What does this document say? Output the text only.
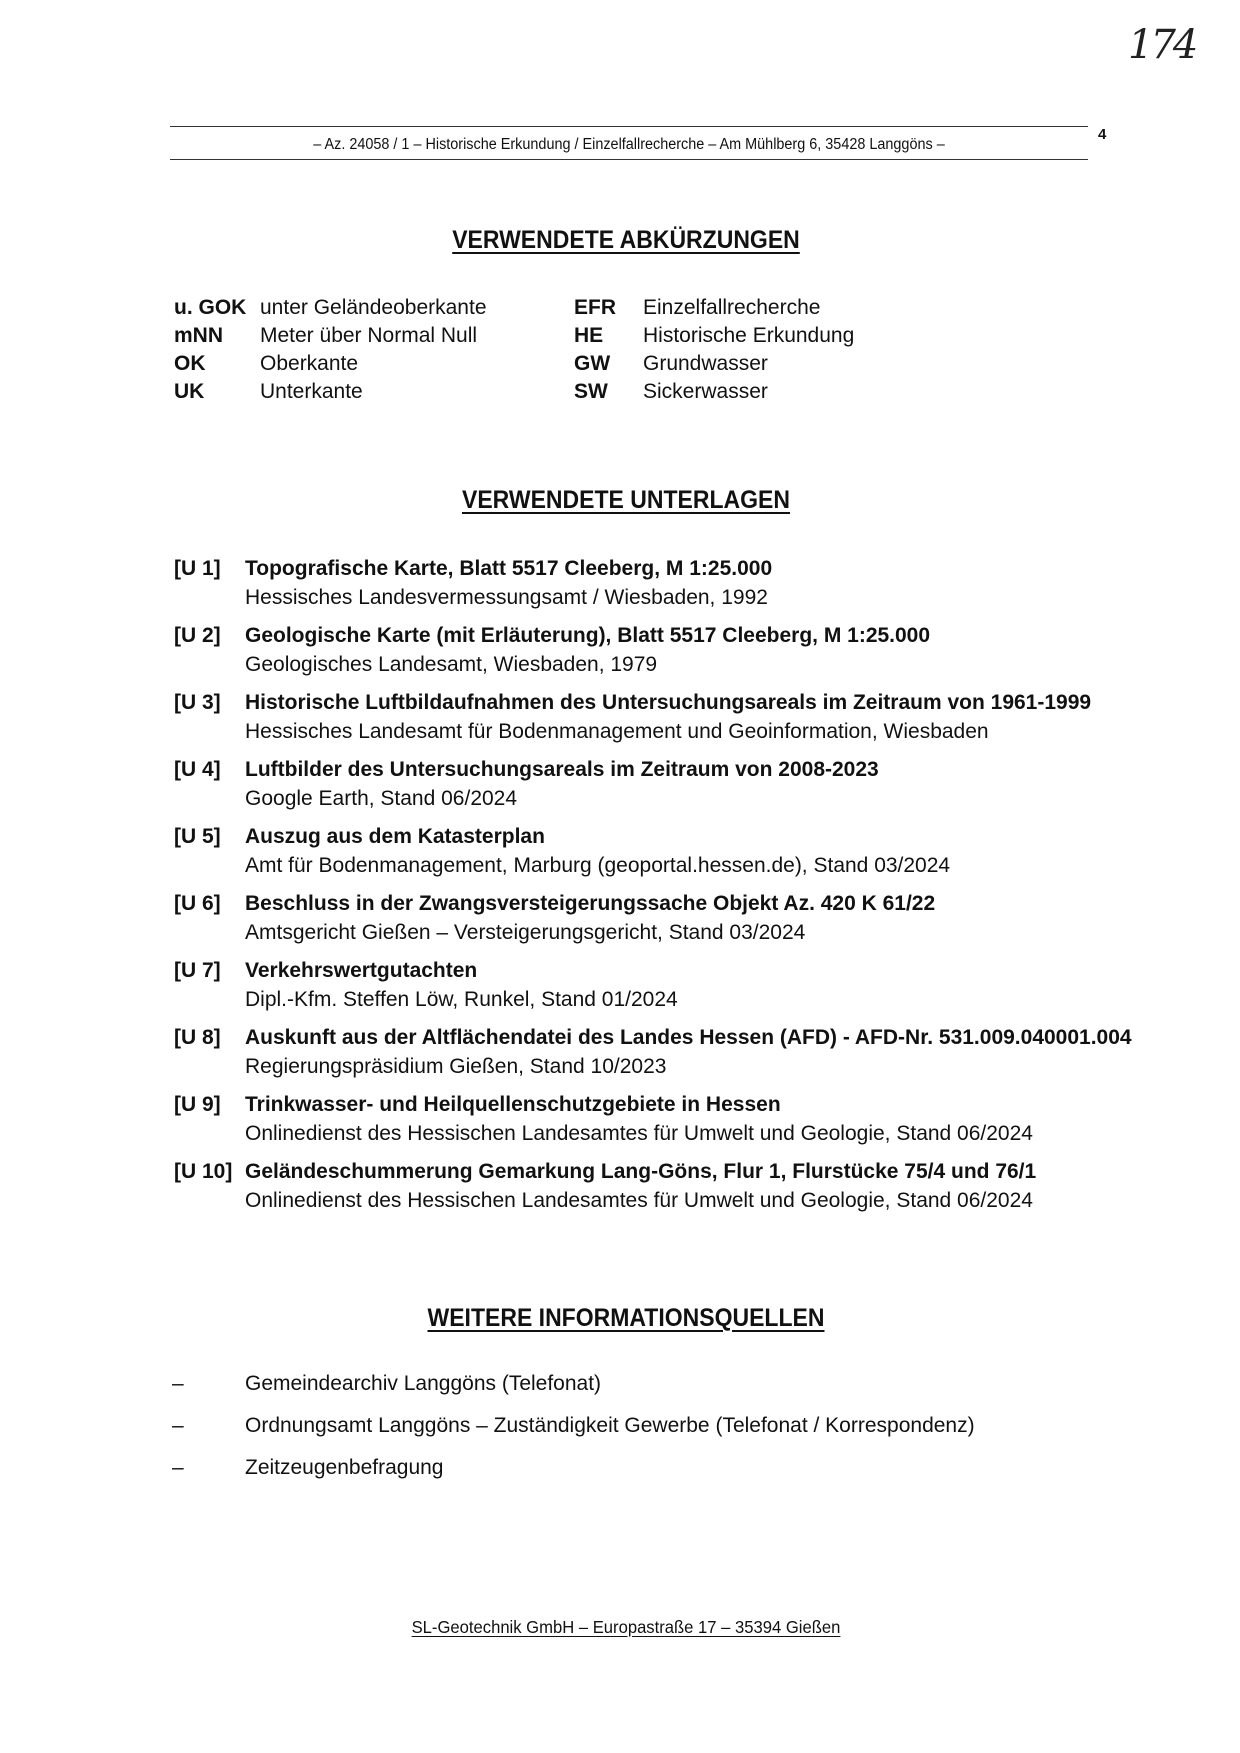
174
– Az. 24058 / 1 – Historische Erkundung / Einzelfallrecherche – Am Mühlberg 6, 35428 Langgöns –
4
VERWENDETE ABKÜRZUNGEN
u. GOK unter Geländeoberkante	EFR Einzelfallrecherche
mNN Meter über Normal Null	HE Historische Erkundung
OK	Oberkante	GW Grundwasser
UK	Unterkante	SW Sickerwasser
VERWENDETE UNTERLAGEN
[U 1] Topografische Karte, Blatt 5517 Cleeberg, M 1:25.000
Hessisches Landesvermessungsamt / Wiesbaden, 1992
[U 2] Geologische Karte (mit Erläuterung), Blatt 5517 Cleeberg, M 1:25.000
Geologisches Landesamt, Wiesbaden, 1979
[U 3] Historische Luftbildaufnahmen des Untersuchungsareals im Zeitraum von 1961-1999
Hessisches Landesamt für Bodenmanagement und Geoinformation, Wiesbaden
[U 4] Luftbilder des Untersuchungsareals im Zeitraum von 2008-2023
Google Earth, Stand 06/2024
[U 5] Auszug aus dem Katasterplan
Amt für Bodenmanagement, Marburg (geoportal.hessen.de), Stand 03/2024
[U 6] Beschluss in der Zwangsversteigerungssache Objekt Az. 420 K 61/22
Amtsgericht Gießen – Versteigerungsgericht, Stand 03/2024
[U 7] Verkehrswertgutachten
Dipl.-Kfm. Steffen Löw, Runkel, Stand 01/2024
[U 8] Auskunft aus der Altflächendatei des Landes Hessen (AFD) - AFD-Nr. 531.009.040001.004
Regierungspräsidium Gießen, Stand 10/2023
[U 9] Trinkwasser- und Heilquellenschutzgebiete in Hessen
Onlinedienst des Hessischen Landesamtes für Umwelt und Geologie, Stand 06/2024
[U 10] Geländeschummerung Gemarkung Lang-Göns, Flur 1, Flurstücke 75/4 und 76/1
Onlinedienst des Hessischen Landesamtes für Umwelt und Geologie, Stand 06/2024
WEITERE INFORMATIONSQUELLEN
–	Gemeindearchiv Langgöns (Telefonat)
–	Ordnungsamt Langgöns – Zuständigkeit Gewerbe (Telefonat / Korrespondenz)
–	Zeitzeugenbefragung
SL-Geotechnik GmbH – Europastraße 17 – 35394 Gießen
